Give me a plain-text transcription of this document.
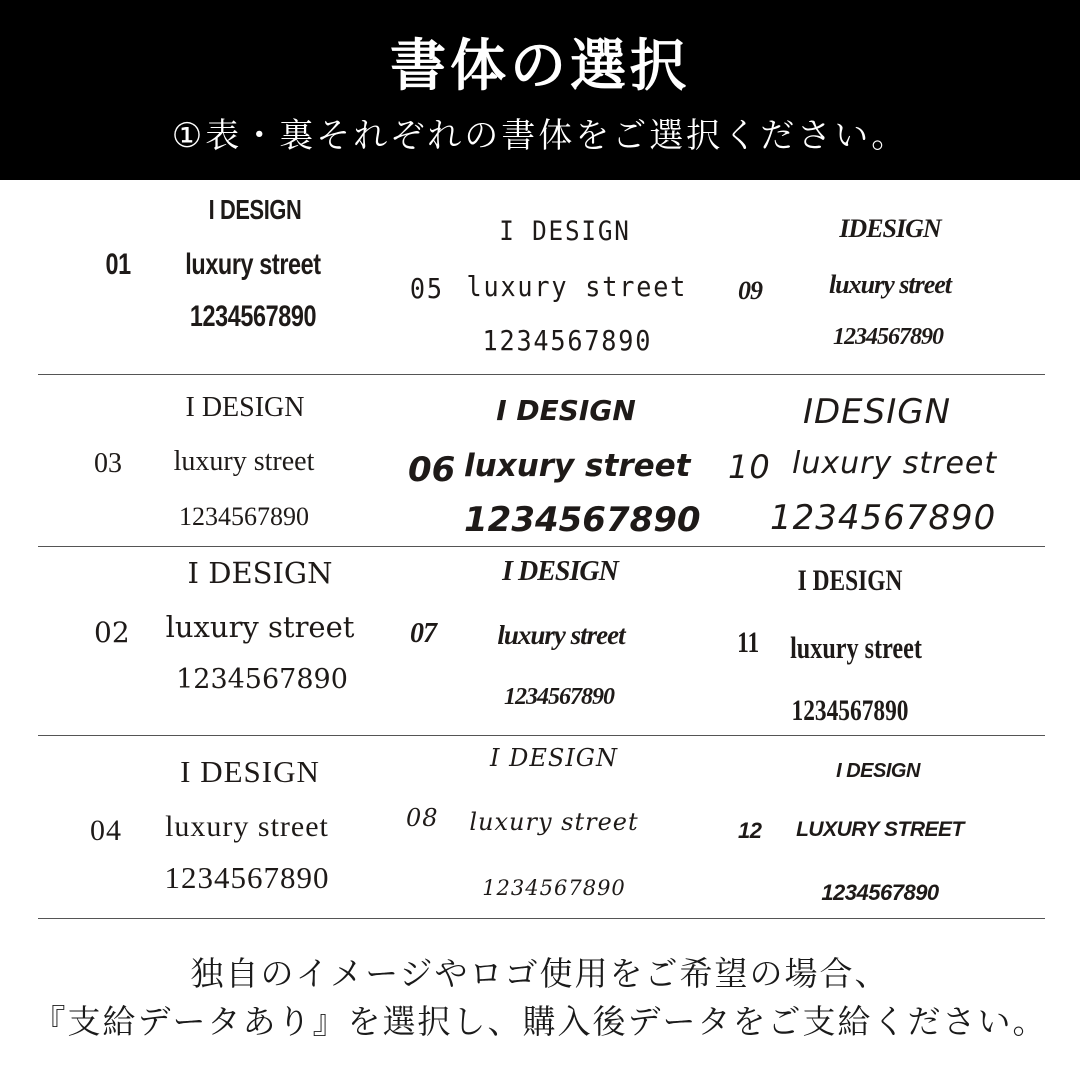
書体の選択
①表・裏それぞれの書体をご選択ください。
01
I DESIGN
luxury street
1234567890
05
I DESIGN
luxury street
1234567890
09
IDESIGN
luxury street
1234567890
03
I DESIGN
luxury street
1234567890
06
I DESIGN
luxury street
1234567890
10
IDESIGN
luxury street
1234567890
02
I DESIGN
luxury street
1234567890
07
I DESIGN
luxury street
1234567890
11
I DESIGN
luxury street
1234567890
04
I DESIGN
luxury street
1234567890
08
I DESIGN
luxury street
1234567890
12
I DESIGN
LUXURY STREET
1234567890
独自のイメージやロゴ使用をご希望の場合、
『支給データあり』を選択し、購入後データをご支給ください。
